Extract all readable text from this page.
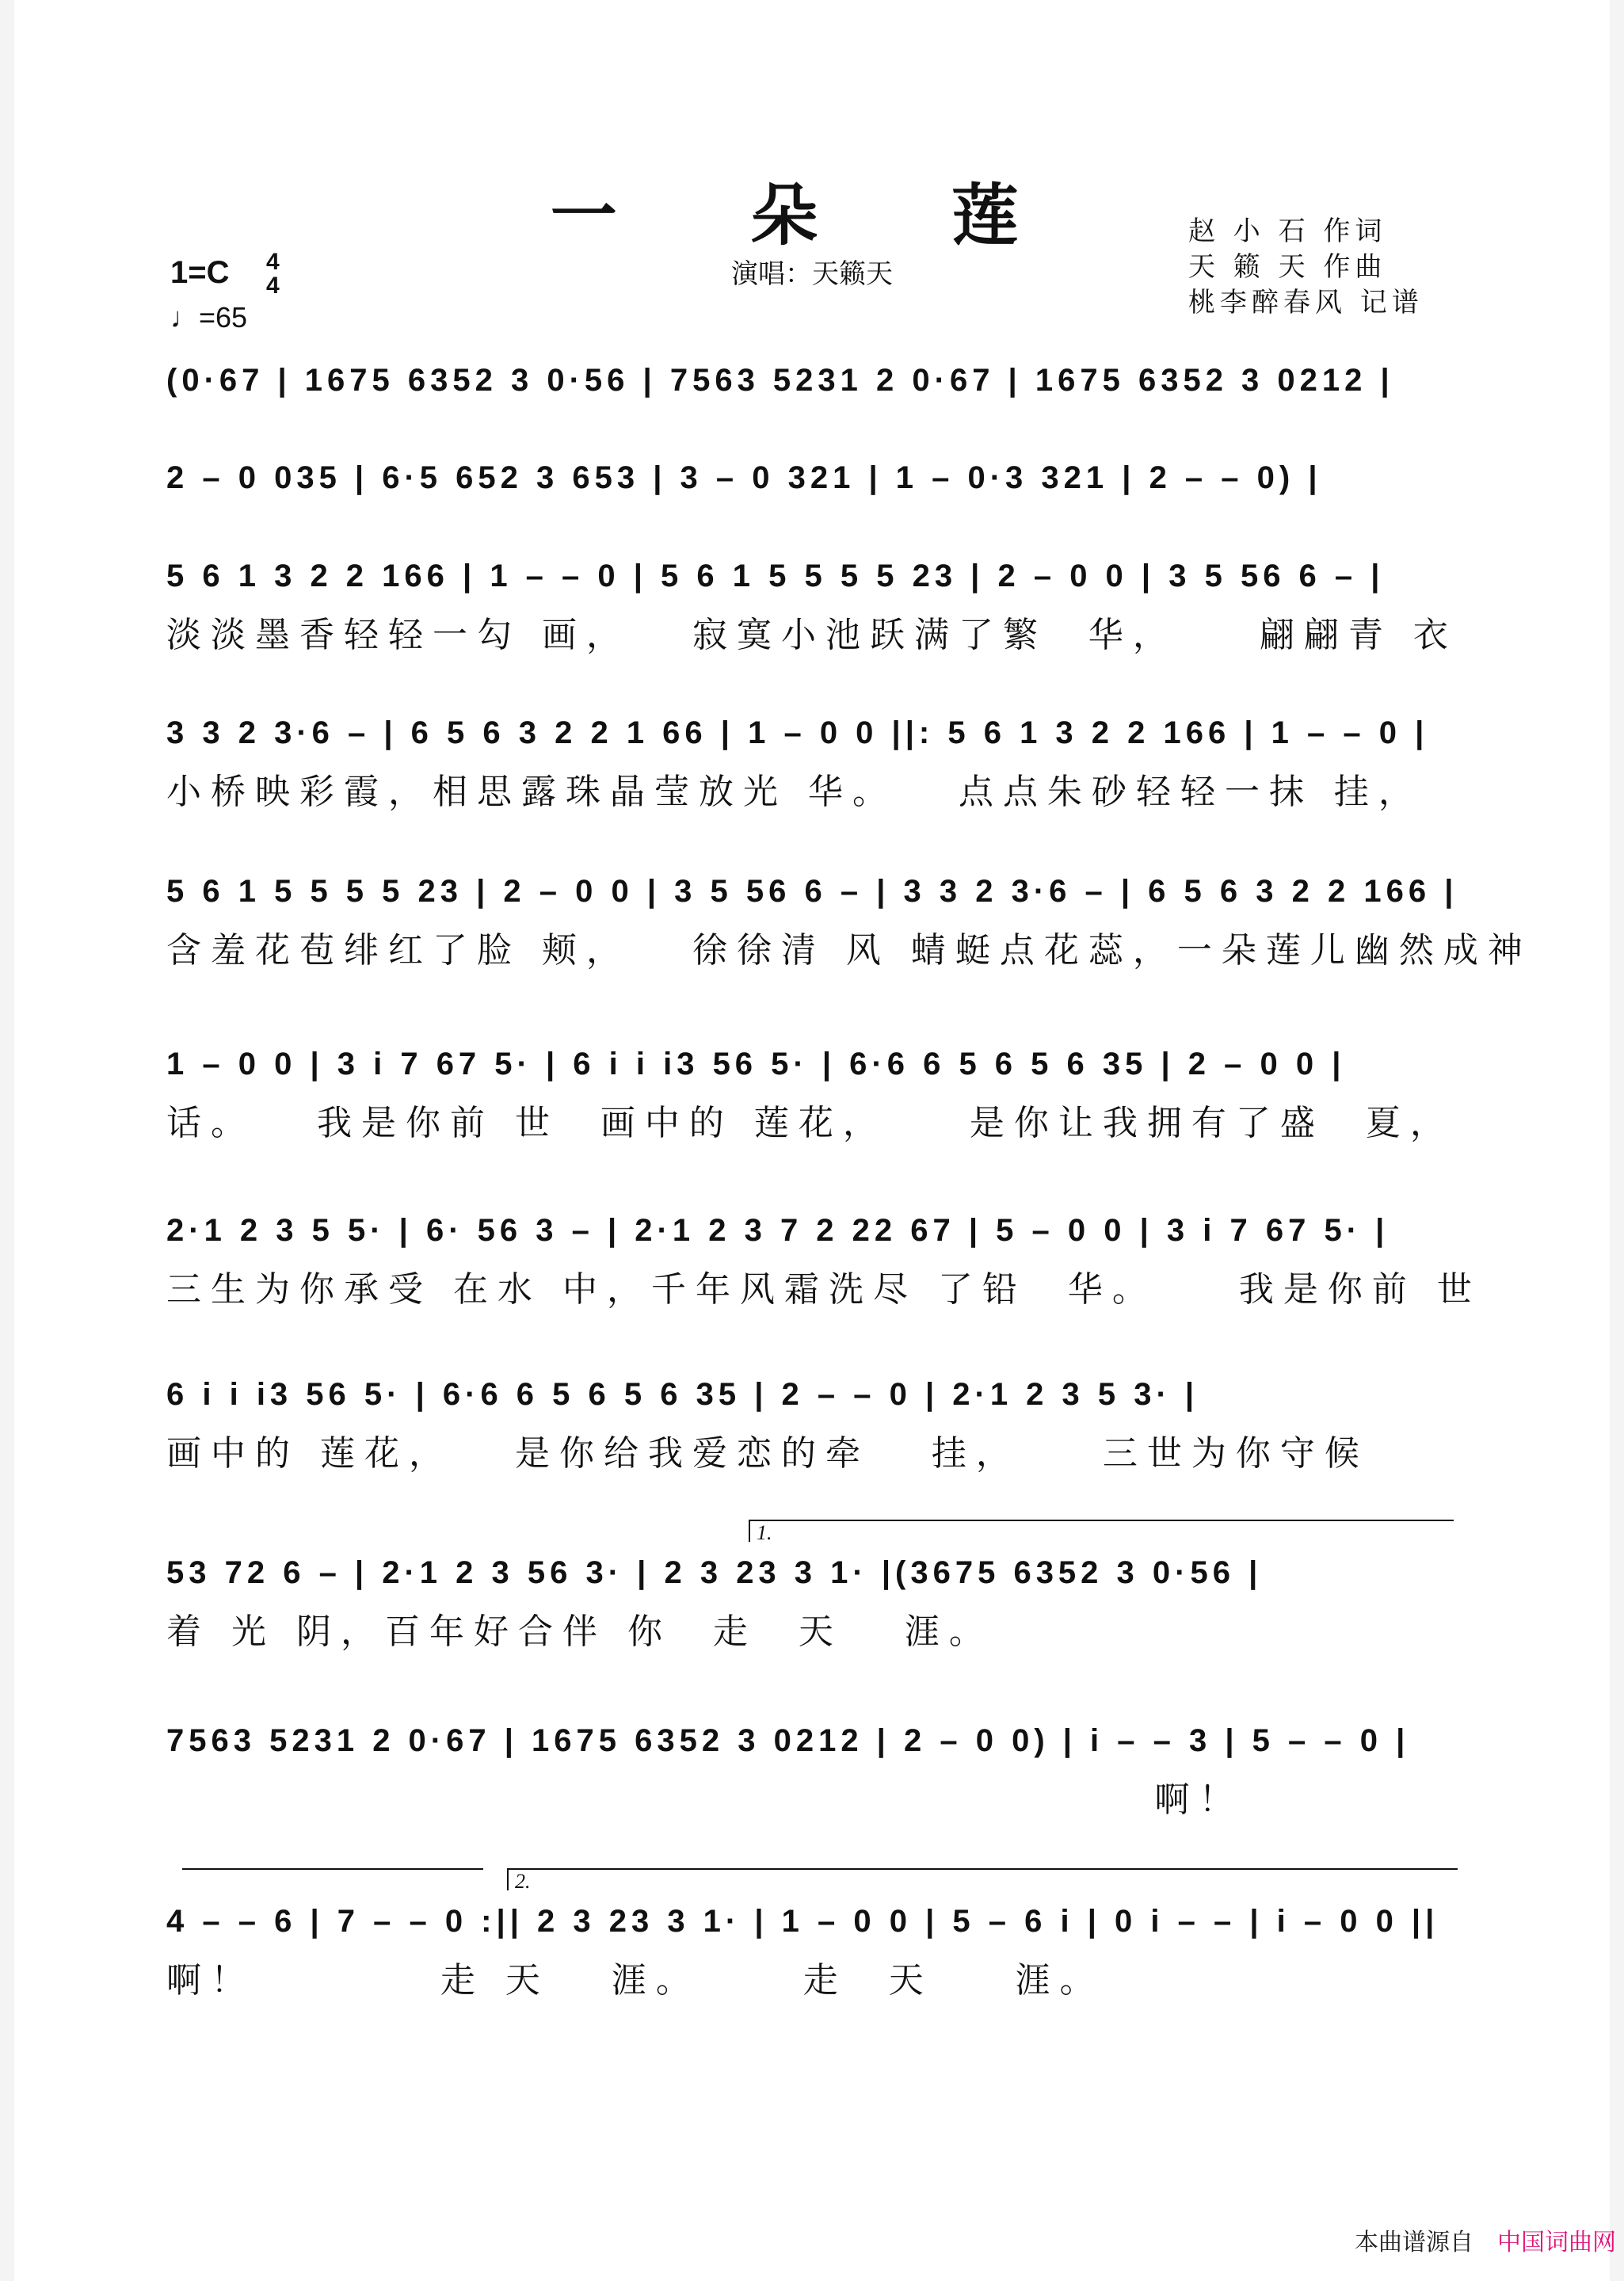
一 朵 莲
演唱：天籁天
赵 小 石 作词
天 籁 天 作曲
桃李醉春风 记谱
1=C 4
4
♩=65
(0·67 | 1675 6352 3 0·56 | 7563 5231 2 0·67 | 1675 6352 3 0212 |
2 – 0 035 | 6·5 652 3 653 | 3 – 0 321 | 1 – 0·3 321 | 2 – – 0) |
5 6 1 3 2 2 166 | 1 – – 0 | 5 6 1 5 5 5 5 23 | 2 – 0 0 | 3 5 56 6 – |
淡淡墨香轻轻一勾 画，   寂寞小池跃满了繁  华，    翩翩青 衣
3 3 2 3·6 – | 6 5 6 3 2 2 1 66 | 1 – 0 0 ||: 5 6 1 3 2 2 166 | 1 – – 0 |
小桥映彩霞，相思露珠晶莹放光 华。   点点朱砂轻轻一抹 挂，
5 6 1 5 5 5 5 23 | 2 – 0 0 | 3 5 56 6 – | 3 3 2 3·6 – | 6 5 6 3 2 2 166 |
含羞花苞绯红了脸 颊，   徐徐清 风 蜻蜓点花蕊，一朵莲儿幽然成神
1 – 0 0 | 3 i 7 67 5· | 6 i i i3 56 5· | 6·6 6 5 6 5 6 35 | 2 – 0 0 |
话。   我是你前 世  画中的 莲花，    是你让我拥有了盛  夏，
2·1 2 3 5 5· | 6· 56 3 – | 2·1 2 3 7 2 22 67 | 5 – 0 0 | 3 i 7 67 5· |
三生为你承受 在水 中，千年风霜洗尽 了铅  华。    我是你前 世
6 i i i3 56 5· | 6·6 6 5 6 5 6 35 | 2 – – 0 | 2·1 2 3 5 3· |
画中的 莲花，   是你给我爱恋的牵   挂，    三世为你守候
1.
53 72 6 – | 2·1 2 3 56 3· | 2 3 23 3 1· |(3675 6352 3 0·56 |
着 光 阴，百年好合伴 你  走  天   涯。
7563 5231 2 0·67 | 1675 6352 3 0212 | 2 – 0 0) | i – – 3 | 5 – – 0 |
啊！
2.
4 – – 6 | 7 – – 0 :|| 2 3 23 3 1· | 1 – 0 0 | 5 – 6 i | 0 i – – | i – 0 0 ||
啊！         走 天   涯。     走  天    涯。
本曲谱源自 中国词曲网
